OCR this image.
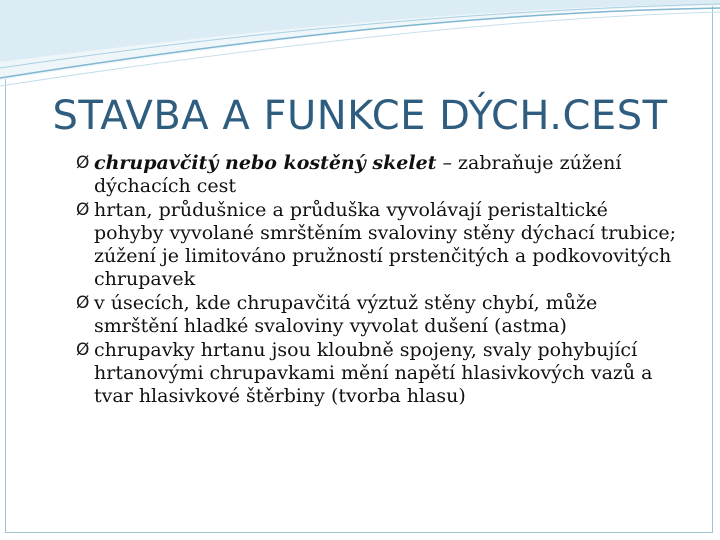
STAVBA A FUNKCE DÝCH.CEST
Ø chrupavčitý nebo kostěný skelet – zabraňuje zúžení dýchacích cest
Ø hrtan, průdušnice a průduška vyvolávají peristaltické pohyby vyvolané smrštěním svaloviny stěny dýchací trubice; zúžení je limitováno pružností prstenčitých a podkovovitých chrupavek
Ø v úsecích, kde chrupavčitá výztuž stěny chybí, může smrštění hladké svaloviny vyvolat dušení (astma)
Ø chrupavky hrtanu jsou kloubně spojeny, svaly pohybující hrtanovými chrupavkami mění napětí hlasivkových vazů a tvar hlasivkové štěrbiny (tvorba hlasu)
